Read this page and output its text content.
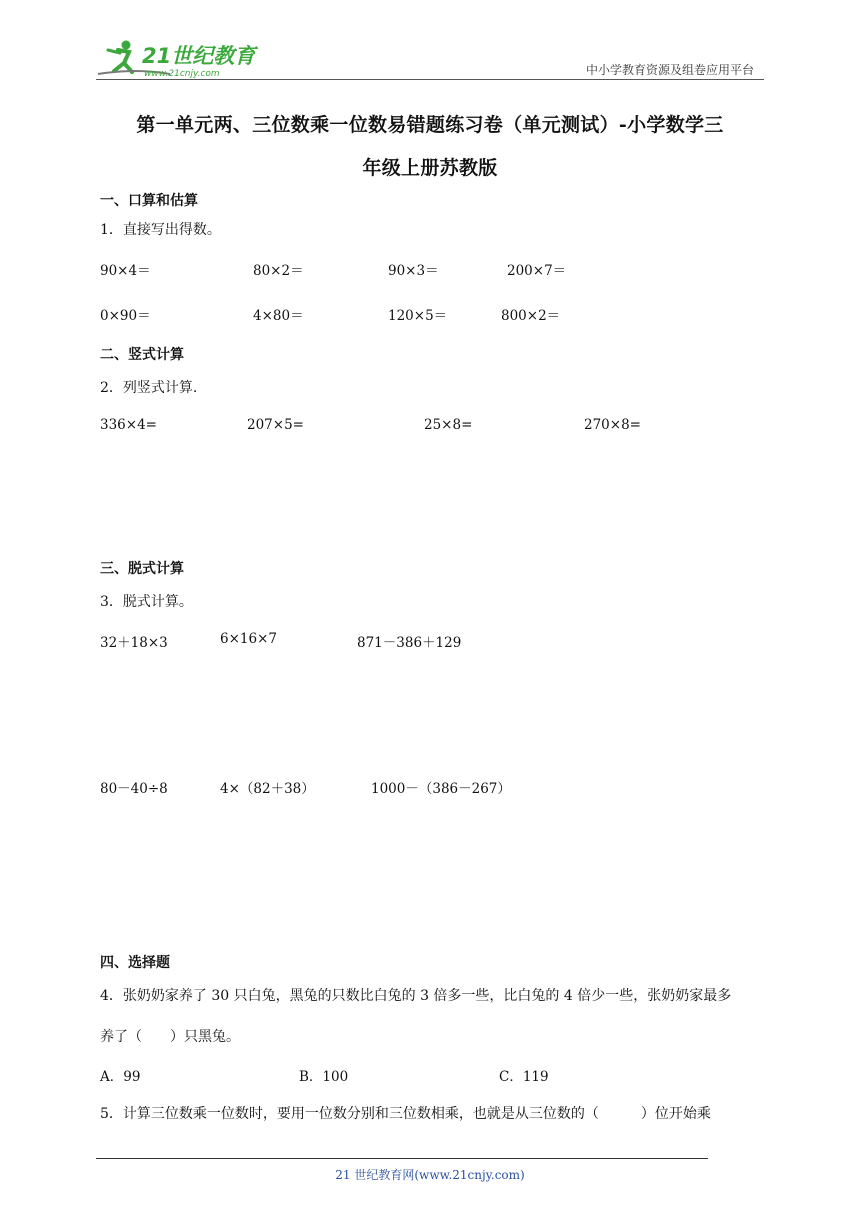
21世纪教育
www.21cnjy.com	中小学教育资源及组卷应用平台
第一单元两、三位数乘一位数易错题练习卷（单元测试）-小学数学三
年级上册苏教版
一、口算和估算
1．直接写出得数。
90×4＝	80×2＝	90×3＝	200×7＝
0×90＝	4×80＝	120×5＝	800×2＝
二、竖式计算
2．列竖式计算.
336×4=	207×5=	25×8=	270×8=
三、脱式计算
3．脱式计算。
32＋18×3	6×16×7	871－386＋129
80－40÷8	4×（82＋38）	1000－（386－267）
四、选择题
4．张奶奶家养了 30 只白兔，黑兔的只数比白兔的 3 倍多一些，比白兔的 4 倍少一些，张奶奶家最多
养了（　　）只黑兔。
A．99	B．100	C．119
5．计算三位数乘一位数时，要用一位数分别和三位数相乘，也就是从三位数的（　　　）位开始乘
21 世纪教育网(www.21cnjy.com)
